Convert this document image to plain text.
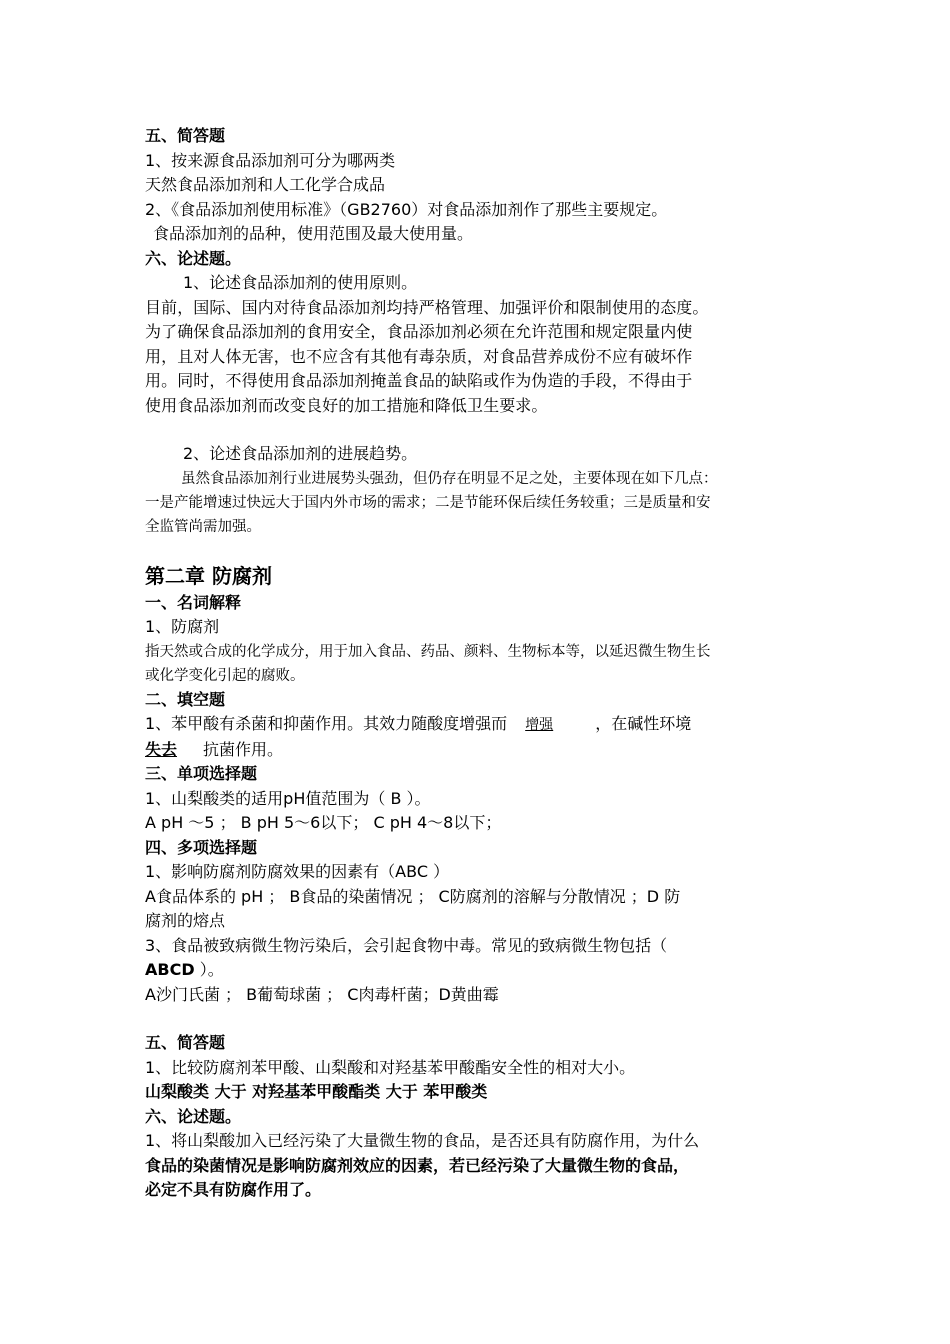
五、简答题
1、按来源食品添加剂可分为哪两类
天然食品添加剂和人工化学合成品
2、《食品添加剂使用标准》（GB2760）对食品添加剂作了那些主要规定。
食品添加剂的品种，使用范围及最大使用量。
六、论述题。
1、论述食品添加剂的使用原则。
目前，国际、国内对待食品添加剂均持严格管理、加强评价和限制使用的态度。
为了确保食品添加剂的食用安全，食品添加剂必须在允许范围和规定限量内使
用，且对人体无害，也不应含有其他有毒杂质，对食品营养成份不应有破坏作
用。同时，不得使用食品添加剂掩盖食品的缺陷或作为伪造的手段，不得由于
使用食品添加剂而改变良好的加工措施和降低卫生要求。
2、论述食品添加剂的进展趋势。
虽然食品添加剂行业进展势头强劲，但仍存在明显不足之处，主要体现在如下几点：
一是产能增速过快远大于国内外市场的需求；二是节能环保后续任务较重；三是质量和安
全监管尚需加强。
第二章 防腐剂
一、名词解释
1、防腐剂
指天然或合成的化学成分，用于加入食品、药品、颜料、生物标本等，以延迟微生物生长
或化学变化引起的腐败。
二、填空题
1、苯甲酸有杀菌和抑菌作用。其效力随酸度增强而 增强	，在碱性环境
失去 抗菌作用。
三、单项选择题
1、山梨酸类的适用pH值范围为（ B ）。
A pH ～5 ； B pH 5～6以下； C pH 4～8以下；
四、多项选择题
1、影响防腐剂防腐效果的因素有（ABC ）
A食品体系的 pH ； B食品的染菌情况 ； C防腐剂的溶解与分散情况 ；D 防
腐剂的熔点
3、食品被致病微生物污染后，会引起食物中毒。常见的致病微生物包括（
ABCD ）。
A沙门氏菌 ； B葡萄球菌 ； C肉毒杆菌；D黄曲霉
五、简答题
1、比较防腐剂苯甲酸、山梨酸和对羟基苯甲酸酯安全性的相对大小。
山梨酸类 大于 对羟基苯甲酸酯类 大于 苯甲酸类
六、论述题。
1、将山梨酸加入已经污染了大量微生物的食品，是否还具有防腐作用，为什么
食品的染菌情况是影响防腐剂效应的因素，若已经污染了大量微生物的食品，
必定不具有防腐作用了。
